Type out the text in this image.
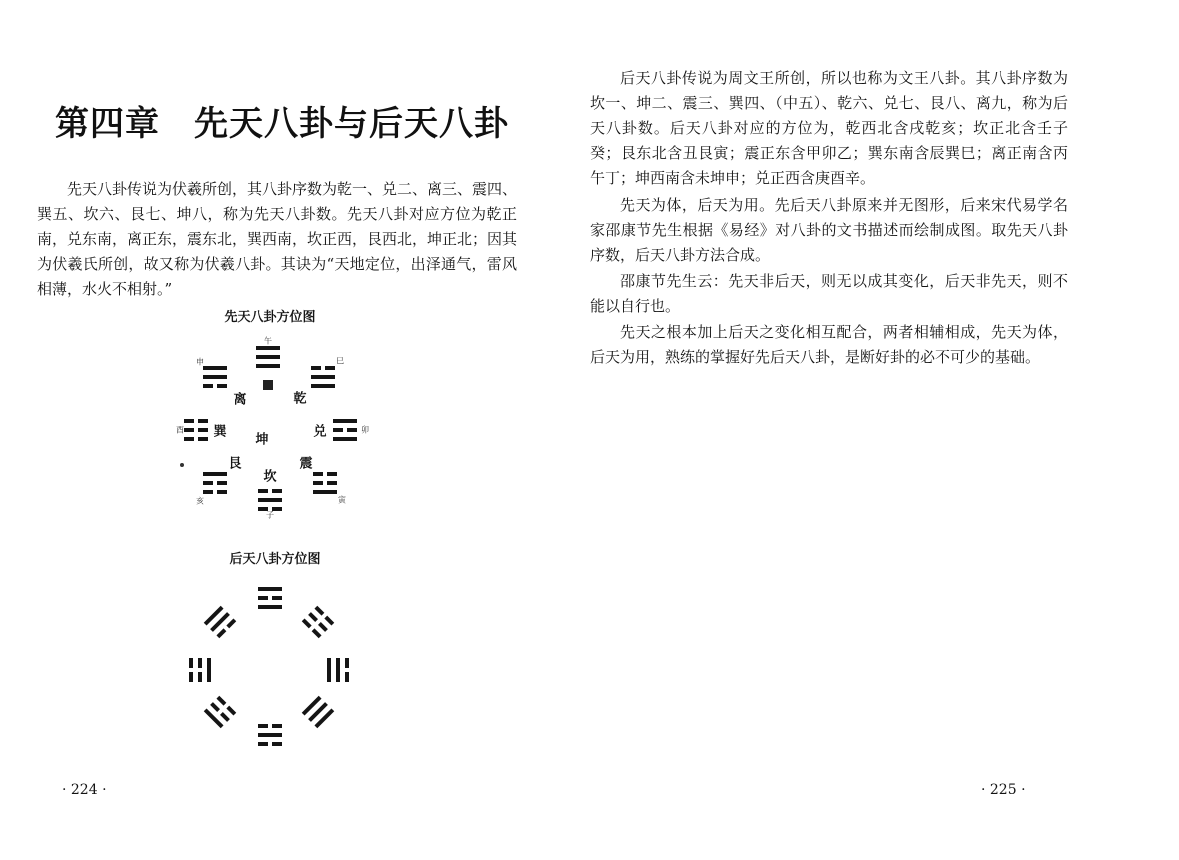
第四章 先天八卦与后天八卦

先天八卦传说为伏羲所创，其八卦序数为乾一、兑二、离三、震四、巽五、坎六、艮七、坤八，称为先天八卦数。先天八卦对应方位为乾正南，兑东南，离正东，震东北，巽西南，坎正西，艮西北，坤正北；因其为伏羲氏所创，故又称为伏羲八卦。其诀为“天地定位，出泽通气，雷风相薄，水火不相射。”

先天八卦方位图
乾
兑
离
震
巽
坎
艮
坤
午
巳
卯
寅
子
亥
酉
申
后天八卦方位图
· 224 ·

后天八卦传说为周文王所创，所以也称为文王八卦。其八卦序数为坎一、坤二、震三、巽四、（中五）、乾六、兑七、艮八、离九，称为后天八卦数。后天八卦对应的方位为，乾西北含戌乾亥；坎正北含壬子癸；艮东北含丑艮寅；震正东含甲卯乙；巽东南含辰巽巳；离正南含丙午丁；坤西南含未坤申；兑正西含庚酉辛。

先天为体，后天为用。先后天八卦原来并无图形，后来宋代易学名家邵康节先生根据《易经》对八卦的文书描述而绘制成图。取先天八卦序数，后天八卦方法合成。

邵康节先生云：先天非后天，则无以成其变化，后天非先天，则不能以自行也。

先天之根本加上后天之变化相互配合，两者相辅相成，先天为体，后天为用，熟练的掌握好先后天八卦，是断好卦的必不可少的基础。

· 225 ·
